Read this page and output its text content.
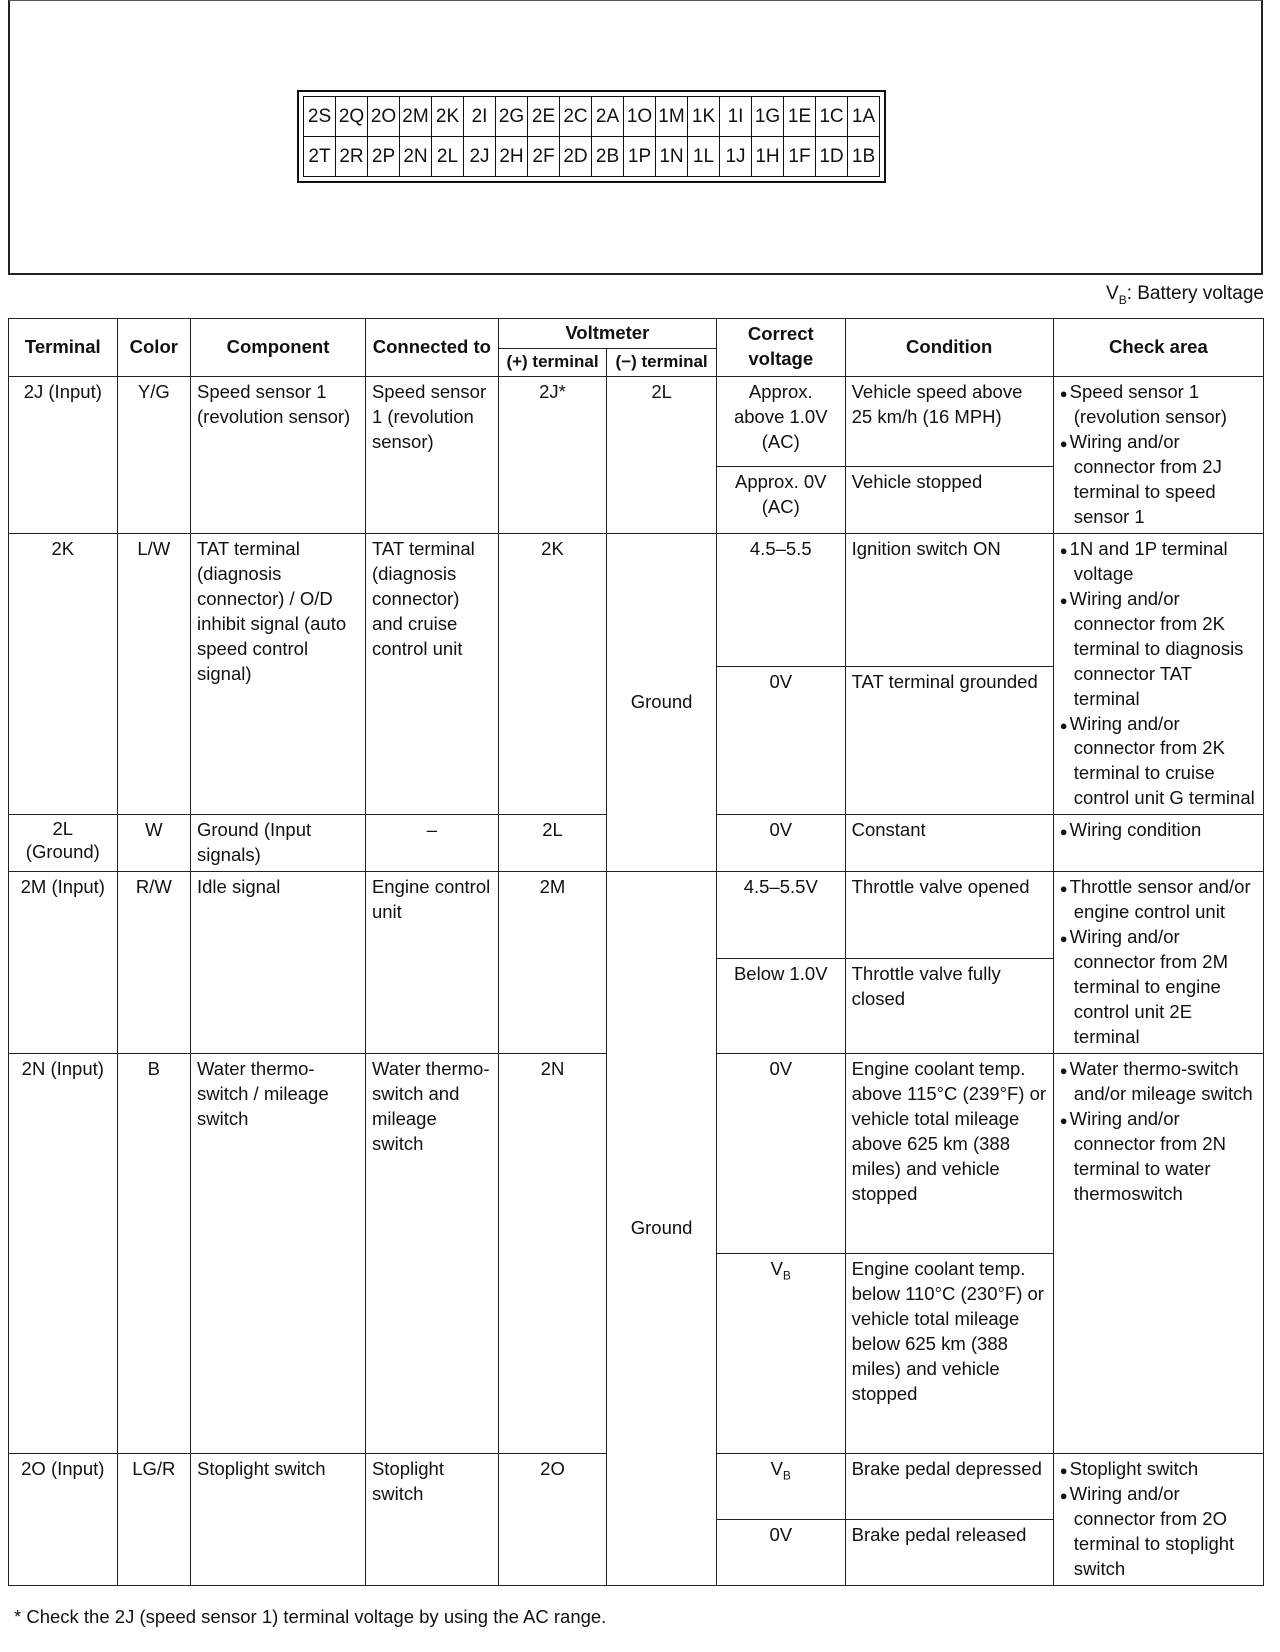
2S	2Q	2O	2M	2K	2I	2G	2E	2C	2A	1O	1M	1K	1I	1G	1E	1C	1A
2T	2R	2P	2N	2L	2J	2H	2F	2D	2B	1P	1N	1L	1J	1H	1F	1D	1B
$V_B$: Battery voltage
Terminal	Color	Component	Connected to	Voltmeter		Correct voltage	Condition	Check area
				(+) terminal	(−) terminal			
2J (Input)	Y/G	Speed sensor 1 (revolution sensor)	Speed sensor 1 (revolution sensor)	2J*	2L	Approx. above 1.0V (AC)	Vehicle speed above 25 km/h (16 MPH)	● Speed sensor 1 (revolution sensor)
● Wiring and/or connector from 2J terminal to speed sensor 1

						Approx. 0V (AC)	Vehicle stopped	
2K	L/W	TAT terminal (diagnosis connector) / O/D inhibit signal (auto speed control signal)	TAT terminal (diagnosis connector) and cruise control unit	2K	Ground	4.5–5.5	Ignition switch ON	● 1N and 1P terminal voltage
● Wiring and/or connector from 2K terminal to diagnosis connector TAT terminal
● Wiring and/or connector from 2K terminal to cruise control unit G terminal

						0V	TAT terminal grounded	
2L (Ground)	W	Ground (Input signals)	–	2L		0V	Constant	● Wiring condition

2M (Input)	R/W	Idle signal	Engine control unit	2M	Ground	4.5–5.5V	Throttle valve opened	● Throttle sensor and/or engine control unit
● Wiring and/or connector from 2M terminal to engine control unit 2E terminal

						Below 1.0V	Throttle valve fully closed	
2N (Input)	B	Water thermo-switch / mileage switch	Water thermo-switch and mileage switch	2N		0V	Engine coolant temp. above 115°C (239°F) or vehicle total mileage above 625 km (388 miles) and vehicle stopped	● Water thermo-switch and/or mileage switch
● Wiring and/or connector from 2N terminal to water thermoswitch

						$V_B$	Engine coolant temp. below 110°C (230°F) or vehicle total mileage below 625 km (388 miles) and vehicle stopped	
2O (Input)	LG/R	Stoplight switch	Stoplight switch	2O		$V_B$	Brake pedal depressed	● Stoplight switch
● Wiring and/or connector from 2O terminal to stoplight switch

						0V	Brake pedal released	
* Check the 2J (speed sensor 1) terminal voltage by using the AC range.
